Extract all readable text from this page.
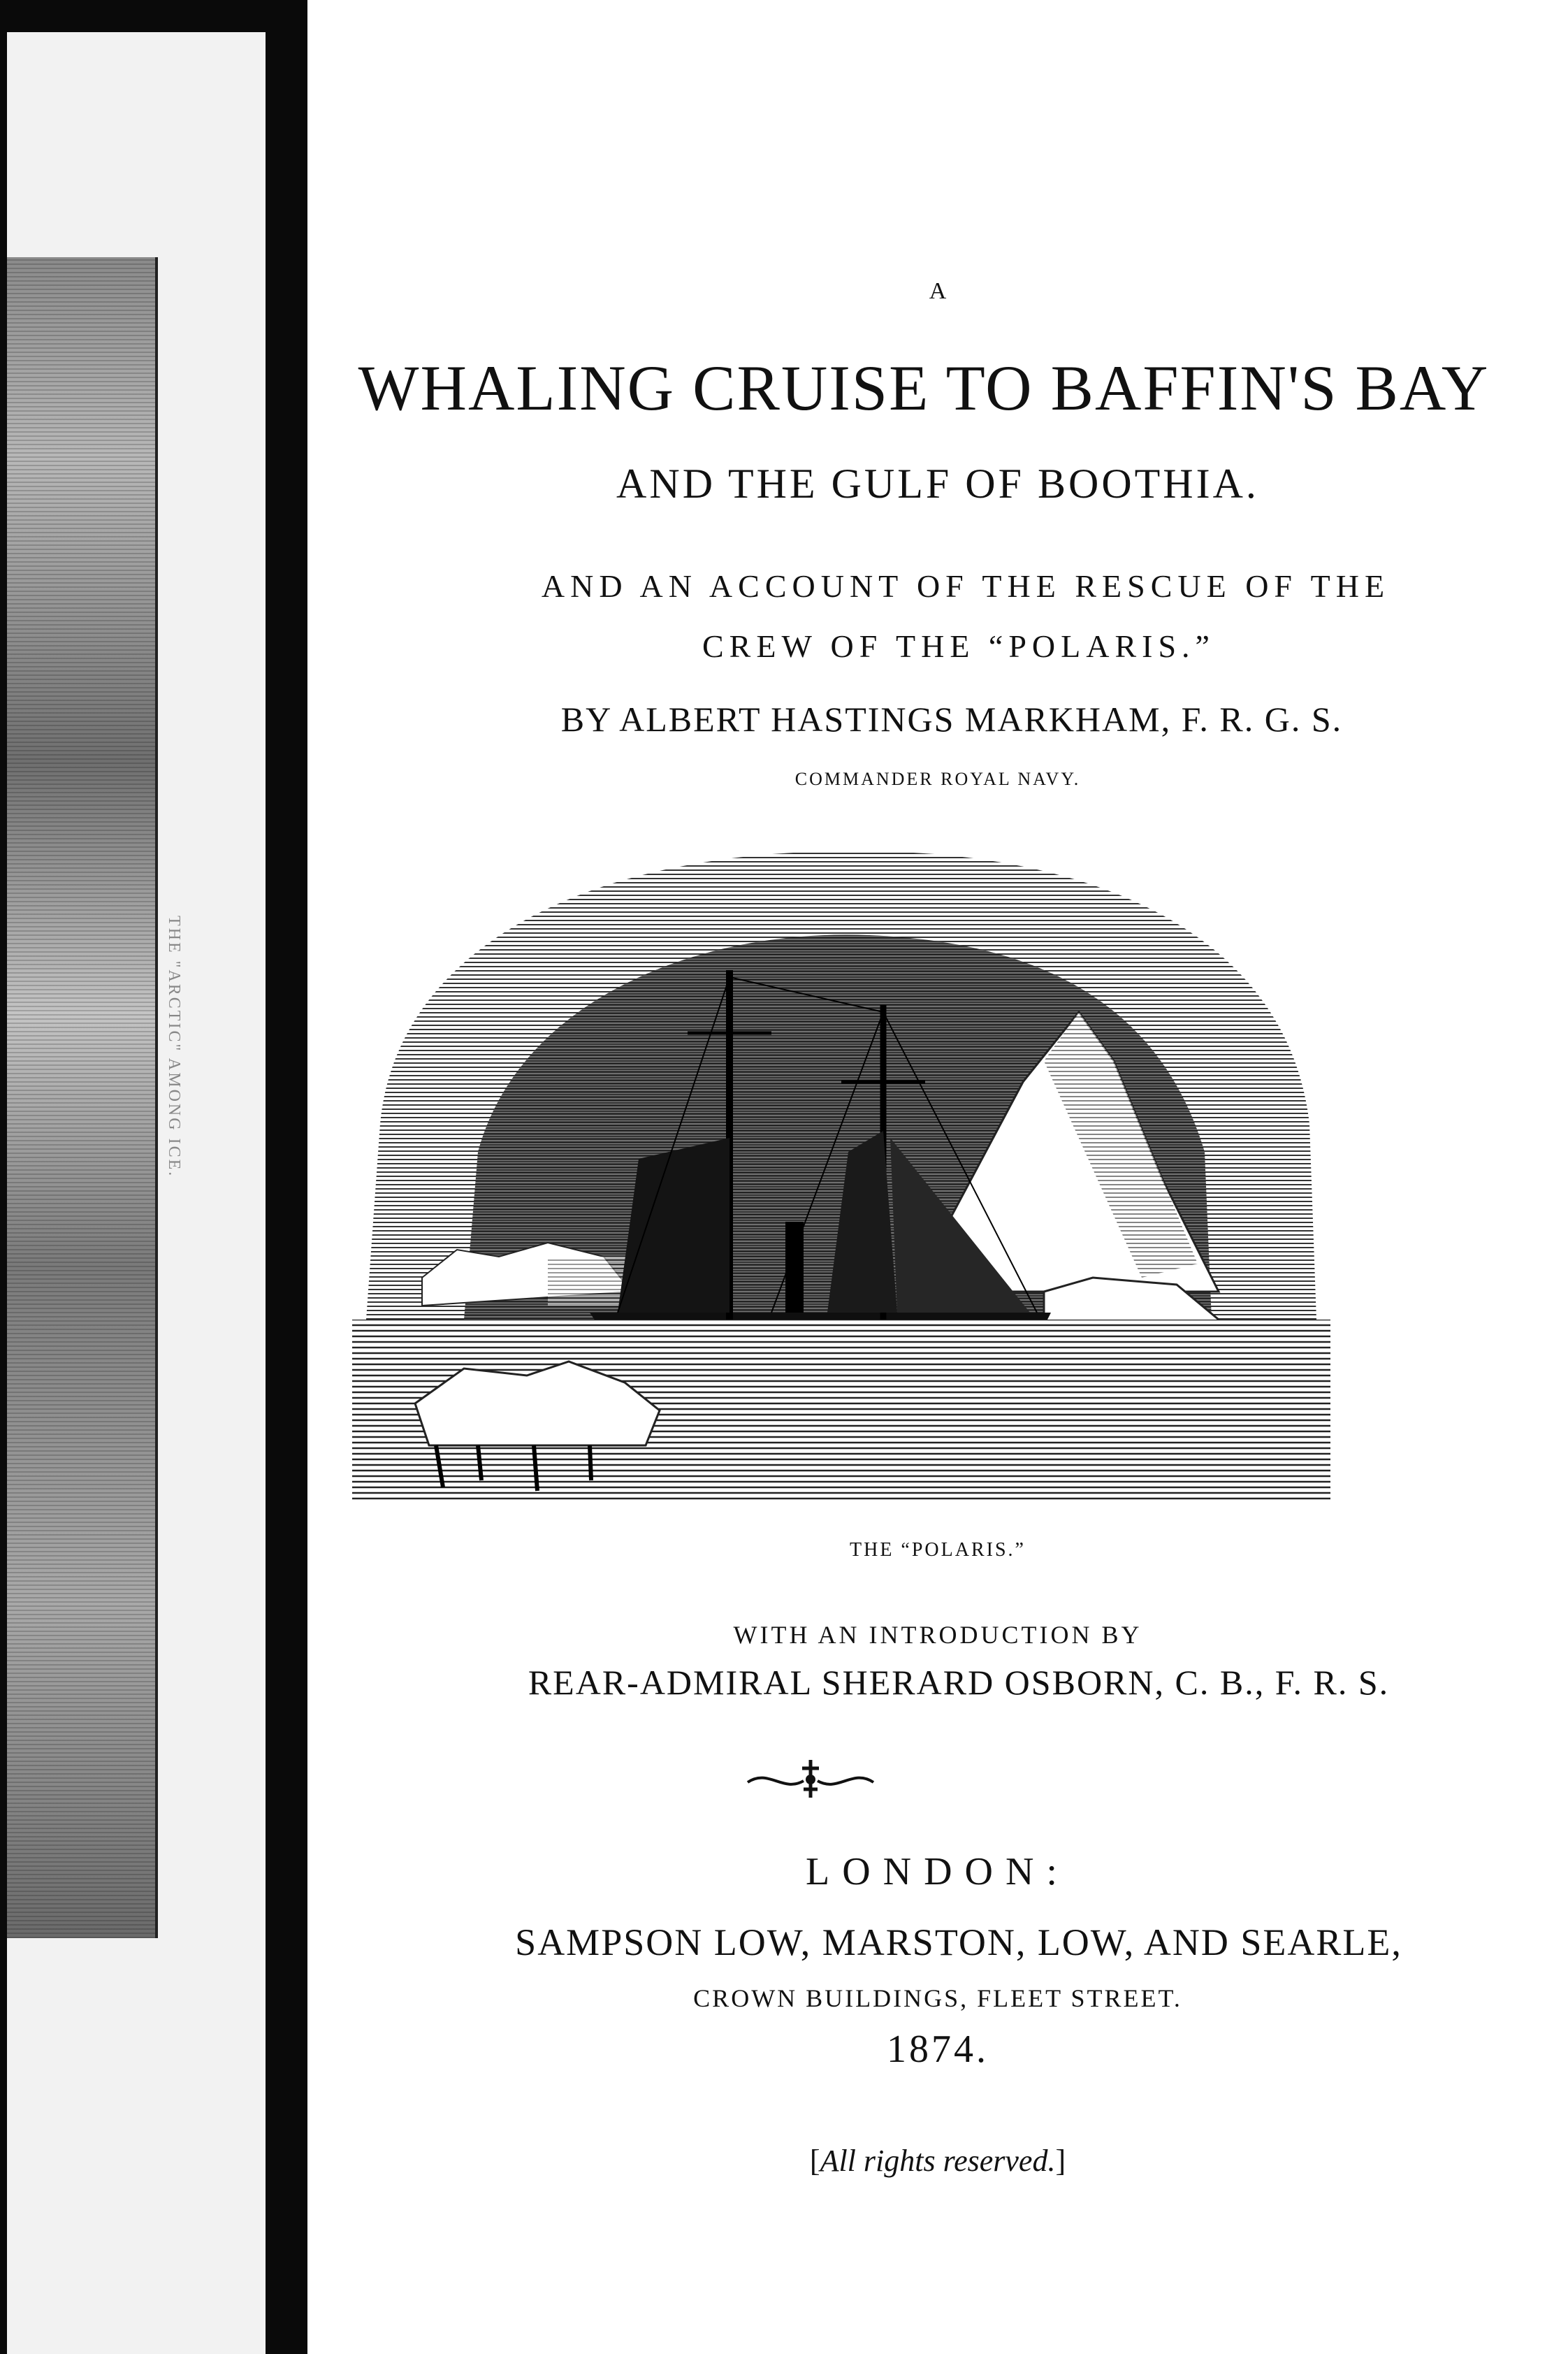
THE "ARCTIC" AMONG ICE.
A
WHALING CRUISE TO BAFFIN'S BAY
AND THE GULF OF BOOTHIA.
AND AN ACCOUNT OF THE RESCUE OF THE
CREW OF THE “POLARIS.”
BY ALBERT HASTINGS MARKHAM, F. R. G. S.
COMMANDER ROYAL NAVY.
THE “POLARIS.”
WITH AN INTRODUCTION BY
REAR-ADMIRAL SHERARD OSBORN, C. B., F. R. S.
LONDON:
SAMPSON LOW, MARSTON, LOW, AND SEARLE,
CROWN BUILDINGS, FLEET STREET.
1874.
[All rights reserved.]
